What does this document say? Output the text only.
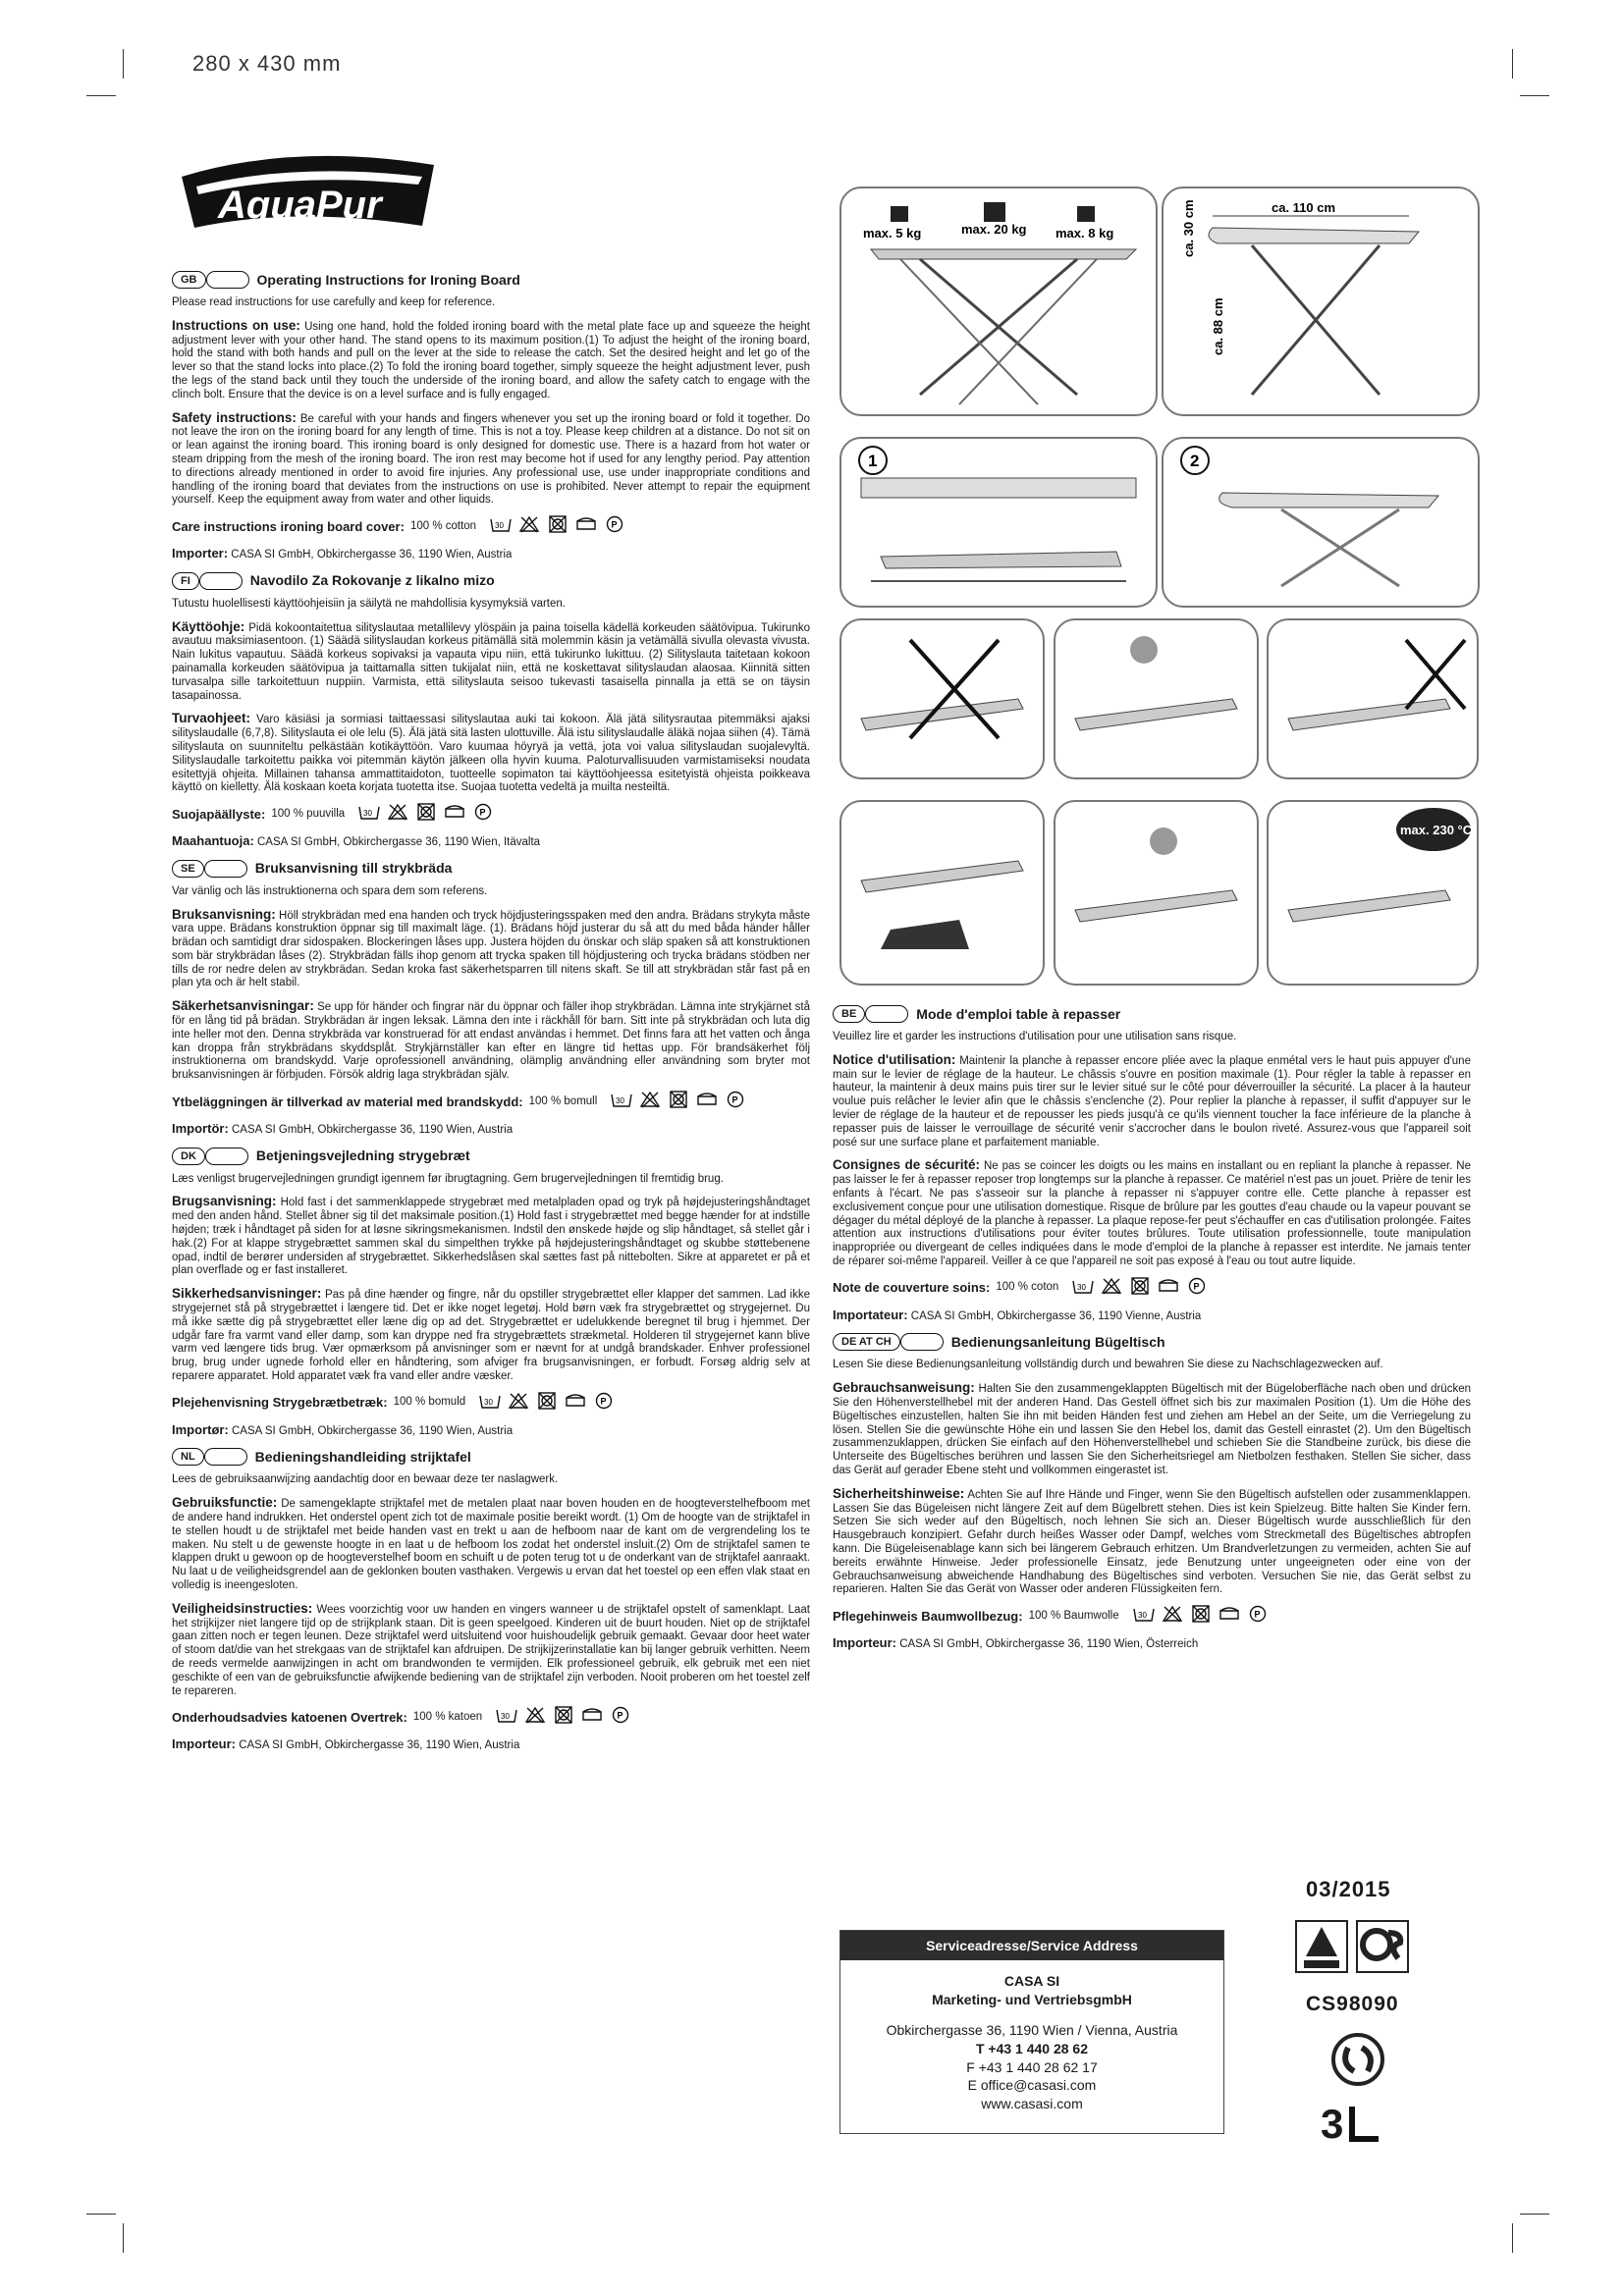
280 x 430 mm
AquaPur
GB	Operating Instructions for Ironing Board
Please read instructions for use carefully and keep for reference.
Instructions on use: Using one hand, hold the folded ironing board with the metal plate face up and squeeze the height adjustment lever with your other hand. The stand opens to its maximum position.(1) To adjust the height of the ironing board, hold the stand with both hands and pull on the lever at the side to release the catch. Set the desired height and let go of the lever so that the stand locks into place.(2) To fold the ironing board together, simply squeeze the height adjustment lever, push the legs of the stand back until they touch the underside of the ironing board, and allow the safety catch to engage with the clinch bolt. Ensure that the device is on a level surface and is fully engaged.
Safety instructions: Be careful with your hands and fingers whenever you set up the ironing board or fold it together. Do not leave the iron on the ironing board for any length of time. This is not a toy. Please keep children at a distance. Do not sit on or lean against the ironing board. This ironing board is only designed for domestic use. There is a hazard from hot water or steam dripping from the mesh of the ironing board. The iron rest may become hot if used for any lengthy period. Pay attention to directions already mentioned in order to avoid fire injuries. Any professional use, use under inappropriate conditions and handling of the ironing board that deviates from the instructions on use is prohibited. Never attempt to repair the equipment yourself. Keep the equipment away from water and other liquids.
Care instructions ironing board cover: 100 % cotton 30	P
Importer: CASA SI GmbH, Obkirchergasse 36, 1190 Wien, Austria
FI	Navodilo Za Rokovanje z likalno mizo
Tutustu huolellisesti käyttöohjeisiin ja säilytä ne mahdollisia kysymyksiä varten.
Käyttöohje: Pidä kokoontaitettua silityslautaa metallilevy ylöspäin ja paina toisella kädellä korkeuden säätövipua. Tukirunko avautuu maksimiasentoon. (1) Säädä silityslaudan korkeus pitämällä sitä molemmin käsin ja vetämällä sivulla olevasta vivusta. Nain lukitus vapautuu. Säädä korkeus sopivaksi ja vapauta vipu niin, että tukirunko lukittuu. (2) Silityslauta taitetaan kokoon painamalla korkeuden säätövipua ja taittamalla sitten tukijalat niin, että ne koskettavat silityslaudan alaosaa. Kiinnitä sitten turvasalpa sille tarkoitettuun nuppiin. Varmista, että silityslauta seisoo tukevasti tasaisella pinnalla ja että se on täysin tasapainossa.
Turvaohjeet: Varo käsiäsi ja sormiasi taittaessasi silityslautaa auki tai kokoon. Älä jätä silitysrautaa pitemmäksi ajaksi silityslaudalle (6,7,8). Silityslauta ei ole lelu (5). Älä jätä sitä lasten ulottuville. Älä istu silityslaudalle äläkä nojaa siihen (4). Tämä silityslauta on suunniteltu pelkästään kotikäyttöön. Varo kuumaa höyryä ja vettä, jota voi valua silityslaudan suojalevyltä. Silityslaudalle tarkoitettu paikka voi pitemmän käytön jälkeen olla hyvin kuuma. Paloturvallisuuden varmistamiseksi noudata esitettyjä ohjeita. Millainen tahansa ammattitaidoton, tuotteelle sopimaton tai käyttöohjeessa esitetyistä ohjeista poikkeava käyttö on kielletty. Älä koskaan koeta korjata tuotetta itse. Suojaa tuotetta vedeltä ja muilta nesteiltä.
Suojapäällyste: 100 % puuvilla 30	P
Maahantuoja: CASA SI GmbH, Obkirchergasse 36, 1190 Wien, Itävalta
SE	Bruksanvisning till strykbräda
Var vänlig och läs instruktionerna och spara dem som referens.
Bruksanvisning: Höll strykbrädan med ena handen och tryck höjdjusteringsspaken med den andra. Brädans strykyta måste vara uppe. Brädans konstruktion öppnar sig till maximalt läge. (1). Brädans höjd justerar du så att du med båda händer håller brädan och samtidigt drar sidospaken. Blockeringen låses upp. Justera höjden du önskar och släp spaken så att konstruktionen som bär strykbrädan låses (2). Strykbrädan fälls ihop genom att trycka spaken till höjdjustering och trycka brädans stödben ner tills de ror nedre delen av strykbrädan. Sedan kroka fast säkerhetsparren till nitens skaft. Se till att strykbrädan står fast på en plan yta och är helt stabil.
Säkerhetsanvisningar: Se upp för händer och fingrar när du öppnar och fäller ihop strykbrädan. Lämna inte strykjärnet stå för en lång tid på brädan. Strykbrädan är ingen leksak. Lämna den inte i räckhåll för barn. Sitt inte på strykbrädan och luta dig inte heller mot den. Denna strykbräda var konstruerad för att endast användas i hemmet. Det finns fara att het vatten och ånga kan droppa från strykbrädans skyddsplåt. Strykjärnställer kan efter en längre tid hettas upp. För brandsäkerhet följ instruktionerna om brandskydd. Varje oprofessionell användning, olämplig användning eller användning som bryter mot bruksanvisningen är förbjuden. Försök aldrig laga strykbrädan själv.
Ytbeläggningen är tillverkad av material med brandskydd: 100 % bomull 30	P
Importör: CASA SI GmbH, Obkirchergasse 36, 1190 Wien, Austria
DK	Betjeningsvejledning strygebræt
Læs venligst brugervejledningen grundigt igennem før ibrugtagning. Gem brugervejledningen til fremtidig brug.
Brugsanvisning: Hold fast i det sammenklappede strygebræt med metalpladen opad og tryk på højdejusteringshåndtaget med den anden hånd. Stellet åbner sig til det maksimale position.(1) Hold fast i strygebrættet med begge hænder for at indstille højden; træk i håndtaget på siden for at løsne sikringsmekanismen. Indstil den ønskede højde og slip håndtaget, så stellet går i hak.(2) For at klappe strygebrættet sammen skal du simpelthen trykke på højdejusteringshåndtaget og skubbe støttebenene opad, indtil de berører undersiden af strygebrættet. Sikkerhedslåsen skal sættes fast på nittebolten. Sikre at apparetet er på et plan overflade og er fast installeret.
Sikkerhedsanvisninger: Pas på dine hænder og fingre, når du opstiller strygebrættet eller klapper det sammen. Lad ikke strygejernet stå på strygebrættet i længere tid. Det er ikke noget legetøj. Hold børn væk fra strygebrættet og strygejernet. Du må ikke sætte dig på strygebrættet eller læne dig op ad det. Strygebrættet er udelukkende beregnet til brug i hjemmet. Der udgår fare fra varmt vand eller damp, som kan dryppe ned fra strygebrættets strækmetal. Holderen til strygejernet kann blive varm ved længere tids brug. Vær opmærksom på anvisninger som er nævnt for at undgå brandskader. Enhver professionel brug, brug under ugnede forhold eller en håndtering, som afviger fra brugsanvisningen, er forbudt. Forsøg aldrig selv at reparere apparatet. Hold apparatet væk fra vand eller andre væsker.
Plejehenvisning Strygebrætbetræk: 100 % bomuld 30	P
Importør: CASA SI GmbH, Obkirchergasse 36, 1190 Wien, Austria
NL	Bedieningshandleiding strijktafel
Lees de gebruiksaanwijzing aandachtig door en bewaar deze ter naslagwerk.
Gebruiksfunctie: De samengeklapte strijktafel met de metalen plaat naar boven houden en de hoogteverstelhefboom met de andere hand indrukken. Het onderstel opent zich tot de maximale positie bereikt wordt. (1) Om de hoogte van de strijktafel in te stellen houdt u de strijktafel met beide handen vast en trekt u aan de hefboom naar de kant om de vergrendeling los te maken. Nu stelt u de gewenste hoogte in en laat u de hefboom los zodat het onderstel insluit.(2) Om de strijktafel samen te klappen drukt u gewoon op de hoogteverstelhef boom en schuift u de poten terug tot u de onderkant van de strijktafel aanraakt. Nu laat u de veiligheidsgrendel aan de geklonken bouten vasthaken. Vergewis u ervan dat het toestel op een effen vlak staat en volledig is ineengesloten.
Veiligheidsinstructies: Wees voorzichtig voor uw handen en vingers wanneer u de strijktafel opstelt of samenklapt. Laat het strijkijzer niet langere tijd op de strijkplank staan. Dit is geen speelgoed. Kinderen uit de buurt houden. Niet op de strijktafel gaan zitten noch er tegen leunen. Deze strijktafel werd uitsluitend voor huishoudelijk gebruik gemaakt. Gevaar door heet water of stoom dat/die van het strekgaas van de strijktafel kan afdruipen. De strijkijzerinstallatie kan bij langer gebruik verhitten. Neem de reeds vermelde aanwijzingen in acht om brandwonden te vermijden. Elk professioneel gebruik, elk gebruik met een niet geschikte of een van de gebruiksfunctie afwijkende bediening van de strijktafel zijn verboden. Nooit proberen om het toestel zelf te repareren.
Onderhoudsadvies katoenen Overtrek: 100 % katoen 30	P
Importeur: CASA SI GmbH, Obkirchergasse 36, 1190 Wien, Austria
BE	Mode d'emploi table à repasser
Veuillez lire et garder les instructions d'utilisation pour une utilisation sans risque.
Notice d'utilisation: Maintenir la planche à repasser encore pliée avec la plaque enmétal vers le haut puis appuyer d'une main sur le levier de réglage de la hauteur. Le châssis s'ouvre en position maximale (1). Pour régler la table à repasser en hauteur, la maintenir à deux mains puis tirer sur le levier situé sur le côté pour déverrouiller la sécurité. La placer à la hauteur voulue puis relâcher le levier afin que le châssis s'enclenche (2). Pour replier la planche à repasser, il suffit d'appuyer sur le levier de réglage de la hauteur et de repousser les pieds jusqu'à ce qu'ils viennent toucher la face inférieure de la planche à repasser puis de laisser le verrouillage de sécurité venir s'accrocher dans le boulon riveté. Assurez-vous que l'appareil soit posé sur une surface plane et parfaitement maniable.
Consignes de sécurité: Ne pas se coincer les doigts ou les mains en installant ou en repliant la planche à repasser. Ne pas laisser le fer à repasser reposer trop longtemps sur la planche à repasser. Ce matériel n'est pas un jouet. Prière de tenir les enfants à l'écart. Ne pas s'asseoir sur la planche à repasser ni s'appuyer contre elle. Cette planche à repasser est exclusivement conçue pour une utilisation domestique. Risque de brûlure par les gouttes d'eau chaude ou la vapeur pouvant se dégager du métal déployé de la planche à repasser. La plaque repose-fer peut s'échauffer en cas d'utilisation prolongée. Faites attention aux instructions d'utilisations pour éviter toutes brûlures. Toute utilisation professionnelle, toute manipulation inappropriée ou divergeant de celles indiquées dans le mode d'emploi de la planche à repasser est interdite. Ne jamais tenter de réparer soi-même l'appareil. Veiller à ce que l'appareil ne soit pas exposé à l'eau ou tout autre liquide.
Note de couverture soins: 100 % coton 30	P
Importateur: CASA SI GmbH, Obkirchergasse 36, 1190 Vienne, Austria
DE AT CH	Bedienungsanleitung Bügeltisch
Lesen Sie diese Bedienungsanleitung vollständig durch und bewahren Sie diese zu Nachschlagezwecken auf.
Gebrauchsanweisung: Halten Sie den zusammengeklappten Bügeltisch mit der Bügeloberfläche nach oben und drücken Sie den Höhenverstellhebel mit der anderen Hand. Das Gestell öffnet sich bis zur maximalen Position (1). Um die Höhe des Bügeltisches einzustellen, halten Sie ihn mit beiden Händen fest und ziehen am Hebel an der Seite, um die Verriegelung zu lösen. Stellen Sie die gewünschte Höhe ein und lassen Sie den Hebel los, damit das Gestell einrastet (2). Um den Bügeltisch zusammenzuklappen, drücken Sie einfach auf den Höhenverstellhebel und schieben Sie die Standbeine zurück, bis diese die Unterseite des Bügeltisches berühren und lassen Sie den Sicherheitsriegel am Nietbolzen festhaken. Stellen Sie sicher, dass das Gerät auf gerader Ebene steht und vollkommen eingerastet ist.
Sicherheitshinweise: Achten Sie auf Ihre Hände und Finger, wenn Sie den Bügeltisch aufstellen oder zusammenklappen. Lassen Sie das Bügeleisen nicht längere Zeit auf dem Bügelbrett stehen. Dies ist kein Spielzeug. Bitte halten Sie Kinder fern. Setzen Sie sich weder auf den Bügeltisch, noch lehnen Sie sich an. Dieser Bügeltisch wurde ausschließlich für den Hausgebrauch konzipiert. Gefahr durch heißes Wasser oder Dampf, welches vom Streckmetall des Bügeltisches abtropfen kann. Die Bügeleisenablage kann sich bei längerem Gebrauch erhitzen. Um Brandverletzungen zu vermeiden, achten Sie auf bereits erwähnte Hinweise. Jeder professionelle Einsatz, jede Benutzung unter ungeeigneten oder eine von der Gebrauchsanweisung abweichende Handhabung des Bügeltisches sind verboten. Versuchen Sie nie, das Gerät selbst zu reparieren. Halten Sie das Gerät von Wasser oder anderen Flüssigkeiten fern.
Pflegehinweis Baumwollbezug: 100 % Baumwolle 30	P
Importeur: CASA SI GmbH, Obkirchergasse 36, 1190 Wien, Österreich
max. 5 kg	max. 20 kg max. 8 kg
ca. 110 cm
ca. 30 cm
ca. 88 cm
1	2
max. 230 °C
03/2015
Serviceadresse/Service Address
CASA SI
Marketing- und VertriebsgmbH
Obkirchergasse 36, 1190 Wien / Vienna, Austria
T +43 1 440 28 62
F +43 1 440 28 62 17
E office@casasi.com
www.casasi.com
CS98090
3
